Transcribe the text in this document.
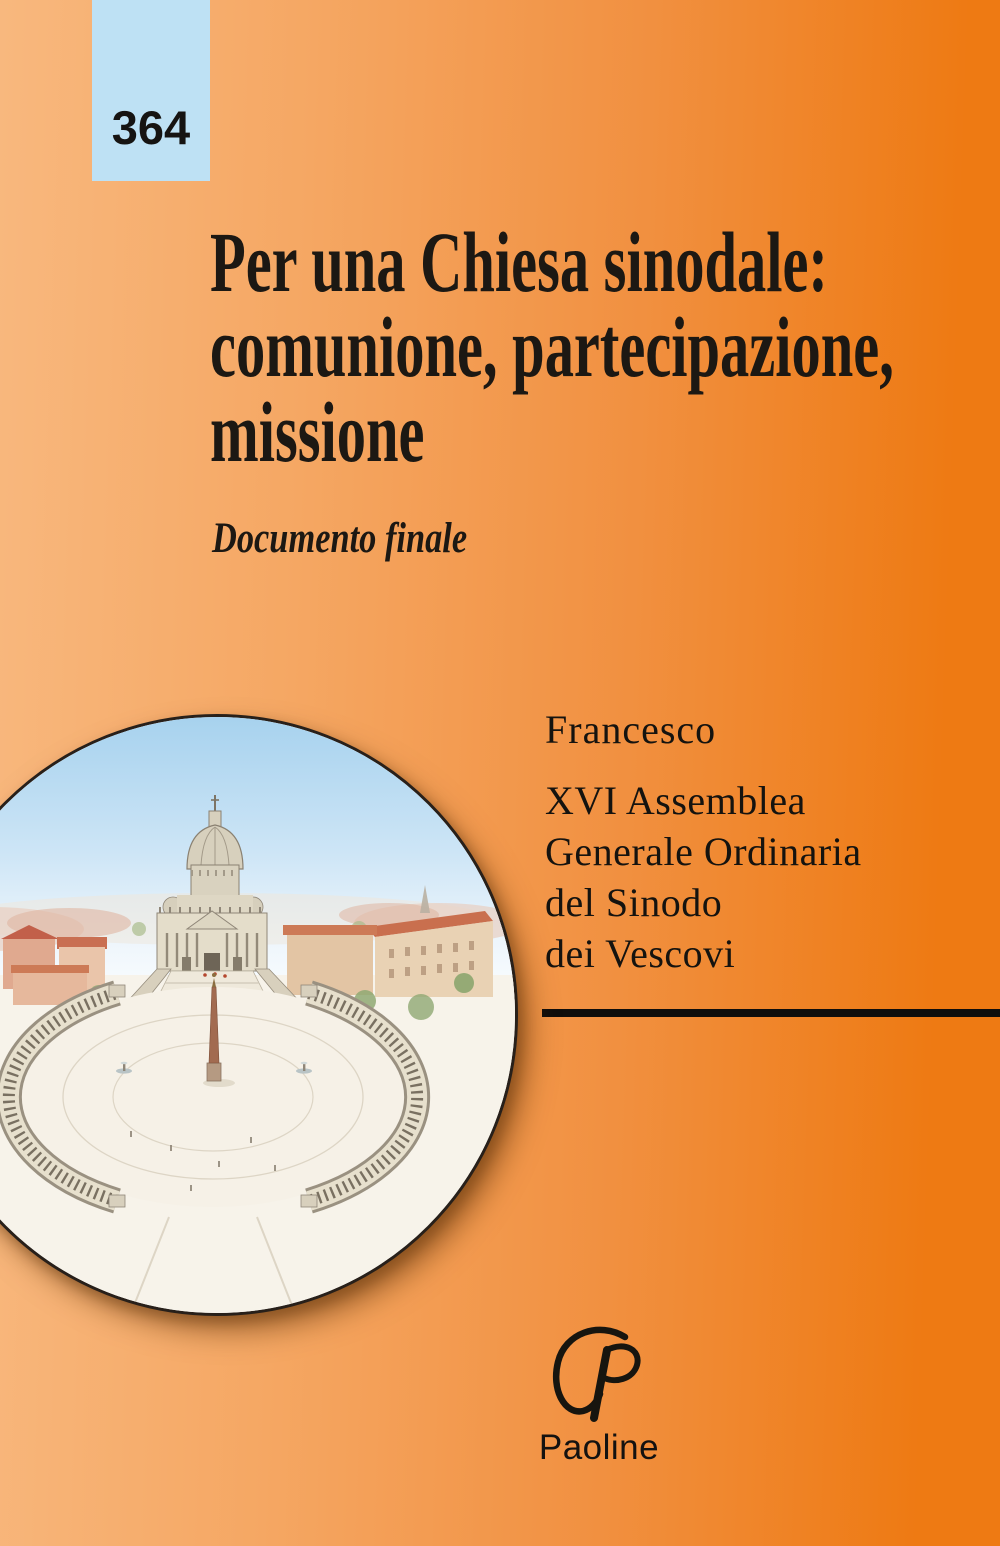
364
Per una Chiesa sinodale:
comunione, partecipazione,
missione
Documento finale
Francesco
XVI Assemblea
Generale Ordinaria
del Sinodo
dei Vescovi
Paoline
